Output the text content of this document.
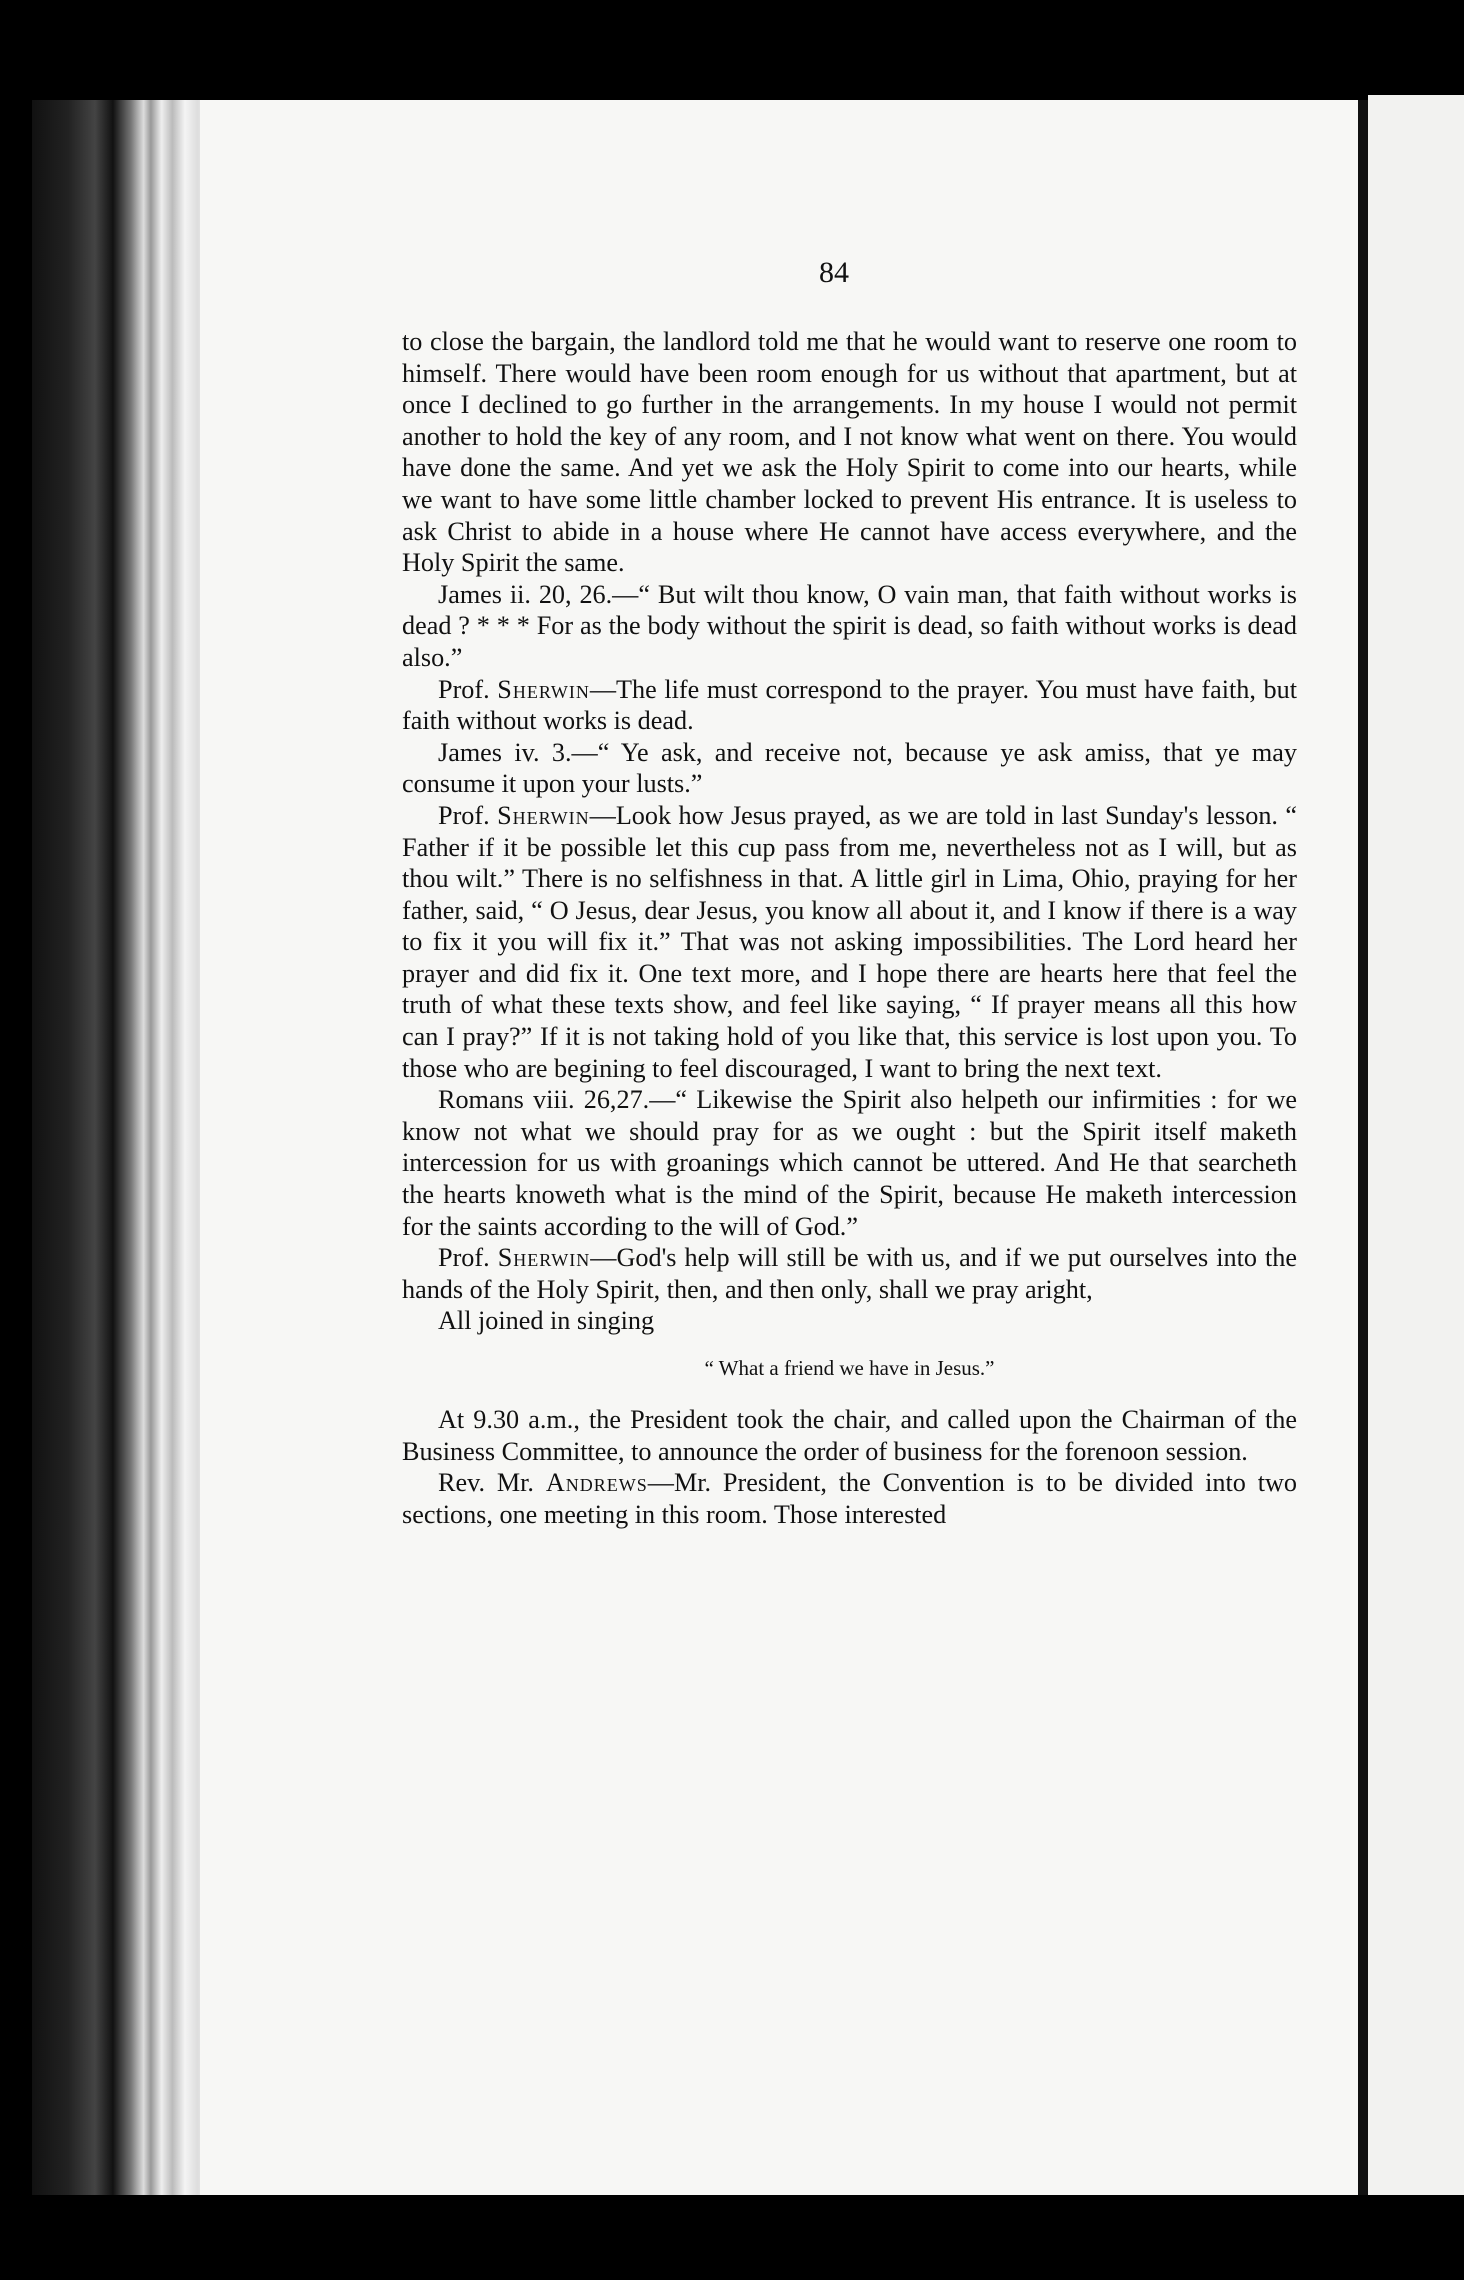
84

to close the bargain, the landlord told me that he would want to reserve one room to himself. There would have been room enough for us without that apartment, but at once I declined to go further in the arrangements. In my house I would not permit another to hold the key of any room, and I not know what went on there. You would have done the same. And yet we ask the Holy Spirit to come into our hearts, while we want to have some little chamber locked to prevent His entrance. It is useless to ask Christ to abide in a house where He cannot have access everywhere, and the Holy Spirit the same.

James ii. 20, 26.—“ But wilt thou know, O vain man, that faith without works is dead ? * * * For as the body without the spirit is dead, so faith without works is dead also.”

Prof. Sherwin—The life must correspond to the prayer. You must have faith, but faith without works is dead.

James iv. 3.—“ Ye ask, and receive not, because ye ask amiss, that ye may consume it upon your lusts.”

Prof. Sherwin—Look how Jesus prayed, as we are told in last Sunday's lesson. “ Father if it be possible let this cup pass from me, nevertheless not as I will, but as thou wilt.” There is no selfishness in that. A little girl in Lima, Ohio, praying for her father, said, “ O Jesus, dear Jesus, you know all about it, and I know if there is a way to fix it you will fix it.” That was not asking impossibilities. The Lord heard her prayer and did fix it. One text more, and I hope there are hearts here that feel the truth of what these texts show, and feel like saying, “ If prayer means all this how can I pray?” If it is not taking hold of you like that, this service is lost upon you. To those who are begining to feel discouraged, I want to bring the next text.

Romans viii. 26,27.—“ Likewise the Spirit also helpeth our infirmities : for we know not what we should pray for as we ought : but the Spirit itself maketh intercession for us with groanings which cannot be uttered. And He that searcheth the hearts knoweth what is the mind of the Spirit, because He maketh intercession for the saints according to the will of God.”

Prof. Sherwin—God's help will still be with us, and if we put ourselves into the hands of the Holy Spirit, then, and then only, shall we pray aright,

All joined in singing

“ What a friend we have in Jesus.”

At 9.30 a.m., the President took the chair, and called upon the Chairman of the Business Committee, to announce the order of business for the forenoon session.

Rev. Mr. Andrews—Mr. President, the Convention is to be divided into two sections, one meeting in this room. Those interested
